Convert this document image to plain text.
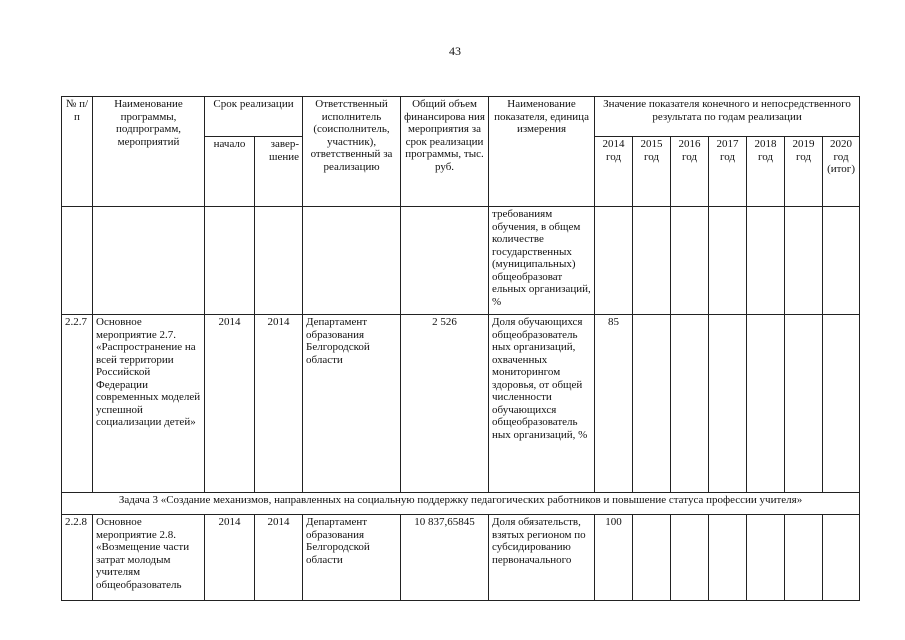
43
№ п/п	Наименование программы, подпрограмм, мероприятий	Срок реализации		Ответственный исполнитель (соисполнитель, участник), ответственный за реализацию	Общий объем финансирова ния мероприятия за срок реализации программы, тыс. руб.	Наименование показателя, единица измерения	Значение показателя конечного и непосредственного результата по годам реализации						
		начало	завер-шение				2014 год	2015 год	2016 год	2017 год	2018 год	2019 год	2020 год (итог)
						требованиям обучения, в общем количестве государственных (муниципальных) общеобразоват ельных организаций, %							
2.2.7	Основное мероприятие 2.7. «Распространение на всей территории Российской Федерации современных моделей успешной социализации детей»	2014	2014	Департамент образования Белгородской области	2 526	Доля обучающихся общеобразователь ных организаций, охваченных мониторингом здоровья, от общей численности обучающихся общеобразователь ных организаций, %	85						
Задача 3 «Создание механизмов, направленных на социальную поддержку педагогических работников и повышение статуса профессии учителя»													
2.2.8	Основное мероприятие 2.8. «Возмещение части затрат молодым учителям общеобразователь	2014	2014	Департамент образования Белгородской области	10 837,65845	Доля обязательств, взятых регионом по субсидированию первоначального	100						
